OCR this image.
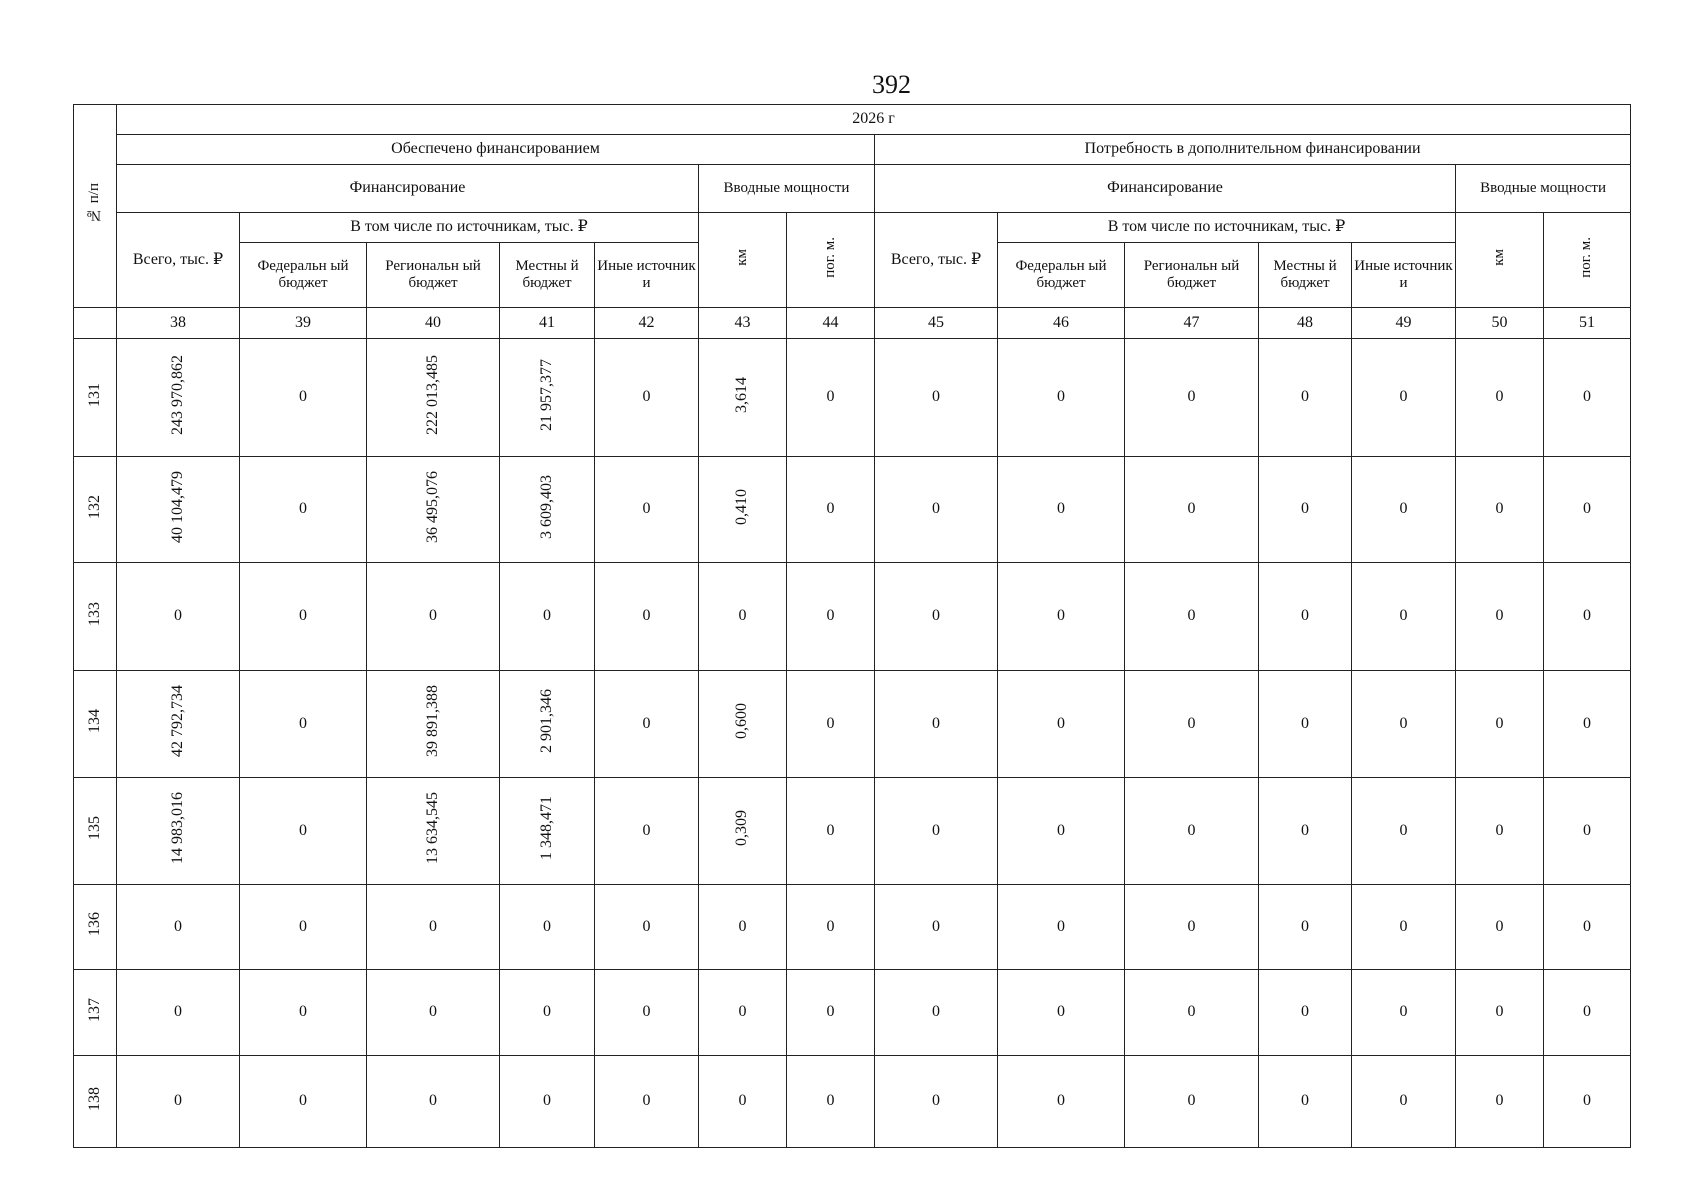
392
№ п/п	2026 г													
	Обеспечено финансированием							Потребность в дополнительном финансировании						
	Финансирование					Вводные мощности		Финансирование					Вводные мощности	
	Всего, тыс. ₽	В том числе по источникам, тыс. ₽				км	пог. м.	Всего, тыс. ₽	В том числе по источникам, тыс. ₽				км	пог. м.
		Федеральн ый бюджет	Региональн ый бюджет	Местны й бюджет	Иные источник и				Федеральн ый бюджет	Региональн ый бюджет	Местны й бюджет	Иные источник и		
	38	39	40	41	42	43	44	45	46	47	48	49	50	51
131	243 970,862	0	222 013,485	21 957,377	0	3,614	0	0	0	0	0	0	0	0
132	40 104,479	0	36 495,076	3 609,403	0	0,410	0	0	0	0	0	0	0	0
133	0	0	0	0	0	0	0	0	0	0	0	0	0	0
134	42 792,734	0	39 891,388	2 901,346	0	0,600	0	0	0	0	0	0	0	0
135	14 983,016	0	13 634,545	1 348,471	0	0,309	0	0	0	0	0	0	0	0
136	0	0	0	0	0	0	0	0	0	0	0	0	0	0
137	0	0	0	0	0	0	0	0	0	0	0	0	0	0
138	0	0	0	0	0	0	0	0	0	0	0	0	0	0
